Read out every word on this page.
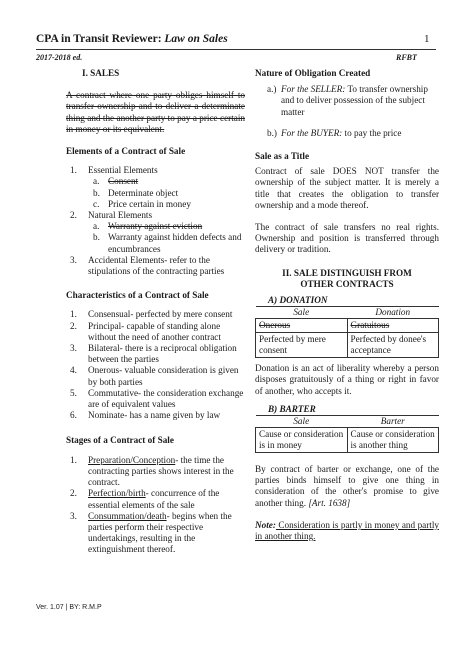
CPA in Transit Reviewer: Law on Sales	1
2017-2018 ed.	RFBT
I. SALES
A contract where one party obliges himself to transfer ownership and to deliver a determinate thing and the another party to pay a price certain in money or its equivalent.
Elements of a Contract of Sale
1. Essential Elements
a. Consent
b. Determinate object
c. Price certain in money
2. Natural Elements
a. Warranty against eviction
b. Warranty against hidden defects and encumbrances
3. Accidental Elements- refer to the stipulations of the contracting parties
Characteristics of a Contract of Sale
1. Consensual- perfected by mere consent
2. Principal- capable of standing alone without the need of another contract
3. Bilateral- there is a reciprocal obligation between the parties
4. Onerous- valuable consideration is given by both parties
5. Commutative- the consideration exchange are of equivalent values
6. Nominate- has a name given by law
Stages of a Contract of Sale
1. Preparation/Conception- the time the contracting parties shows interest in the contract.
2. Perfection/birth- concurrence of the essential elements of the sale
3. Consummation/death- begins when the parties perform their respective undertakings, resulting in the extinguishment thereof.
Nature of Obligation Created
a.) For the SELLER: To transfer ownership and to deliver possession of the subject matter
b.) For the BUYER: to pay the price
Sale as a Title
Contract of sale DOES NOT transfer the ownership of the subject matter. It is merely a title that creates the obligation to transfer ownership and a mode thereof.
The contract of sale transfers no real rights. Ownership and position is transferred through delivery or tradition.
II. SALE DISTINGUISH FROM
OTHER CONTRACTS
A) DONATION
Sale	Donation
Onerous	Gratuitous
Perfected by mere consent	Perfected by donee's acceptance
Donation is an act of liberality whereby a person disposes gratuitously of a thing or right in favor of another, who accepts it.
B) BARTER
Sale	Barter
Cause or consideration is in money	Cause or consideration is another thing
By contract of barter or exchange, one of the parties binds himself to give one thing in consideration of the other's promise to give another thing. [Art. 1638]
Note: Consideration is partly in money and partly in another thing.
Ver. 1.07 | BY: R.M.P
